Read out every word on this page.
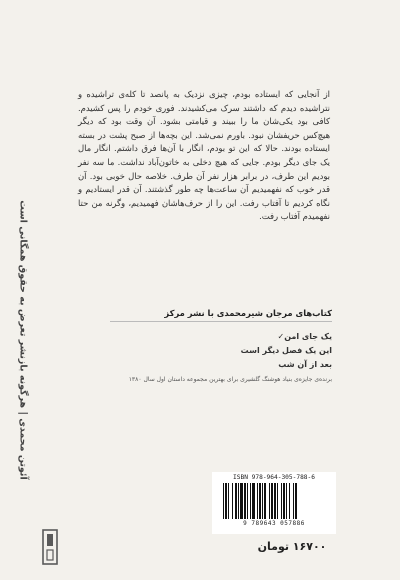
از آنجایی که ایستاده بودم، چیزی نزدیک به پانصد تا کله‌ی تراشیده و نتراشیده دیدم که داشتند سرک می‌کشیدند. فوری خودم را پس کشیدم. کافی بود یکی‌شان ما را ببیند و قیامتی بشود. آن وقت بود که دیگر هیچ‌کس حریفشان نبود. باورم نمی‌شد. این بچه‌ها از صبح پشت در بسته ایستاده بودند. حالا که این تو بودم، انگار با آن‌ها فرق داشتم. انگار مال یک جای دیگر بودم. جایی که هیچ دخلی به خاتون‌آباد نداشت. ما سه نفر بودیم این طرف، در برابر هزار نفر آن طرف. خلاصه حال خوبی بود. آن قدر خوب که نفهمیدیم آن ساعت‌ها چه طور گذشتند. آن قدر ایستادیم و نگاه کردیم تا آفتاب رفت. این را از حرف‌هاشان فهمیدیم، وگرنه من حتا نفهمیدم آفتاب رفت.
آئوتن محمدی | هرگونه بازنشر تعرض به حقوق همگانی است	کتاب‌های مرجان شیرمحمدی با نشر مرکز
یک جای امن✓
این یک فصل دیگر است
بعد از آن شب
برنده‌ی جایزه‌ی بنیاد هوشنگ گلشیری برای بهترین مجموعه داستان اول سال ۱۳۸۰
ISBN 978-964-305-788-6
9 789643 057886
۱۶۷۰۰ تومان
